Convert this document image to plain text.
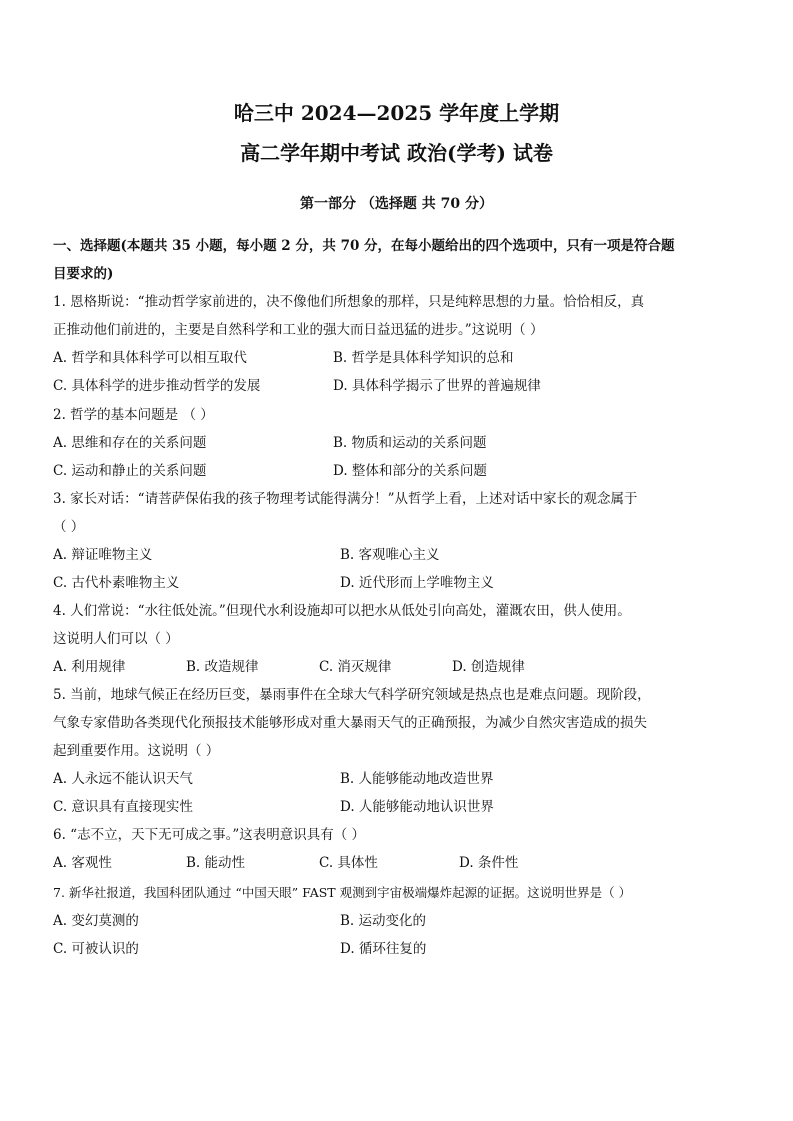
哈三中 2024—2025 学年度上学期
高二学年期中考试 政治(学考) 试卷
第一部分 （选择题 共 70 分）
一、选择题(本题共 35 小题，每小题 2 分，共 70 分，在每小题给出的四个选项中，只有一项是符合题
目要求的)
1. 恩格斯说：“推动哲学家前进的，决不像他们所想象的那样，只是纯粹思想的力量。恰恰相反，真
正推动他们前进的，主要是自然科学和工业的强大而日益迅猛的进步。”这说明（ ）
A. 哲学和具体科学可以相互取代	B. 哲学是具体科学知识的总和
C. 具体科学的进步推动哲学的发展	D. 具体科学揭示了世界的普遍规律
2. 哲学的基本问题是 （ ）
A. 思维和存在的关系问题	B. 物质和运动的关系问题
C. 运动和静止的关系问题	D. 整体和部分的关系问题
3. 家长对话：“请菩萨保佑我的孩子物理考试能得满分！”从哲学上看，上述对话中家长的观念属于
（ ）
A. 辩证唯物主义	B. 客观唯心主义
C. 古代朴素唯物主义	D. 近代形而上学唯物主义
4. 人们常说：“水往低处流。”但现代水利设施却可以把水从低处引向高处，灌溉农田，供人使用。
这说明人们可以（ ）
A. 利用规律	B. 改造规律	C. 消灭规律	D. 创造规律
5. 当前，地球气候正在经历巨变，暴雨事件在全球大气科学研究领域是热点也是难点问题。现阶段，
气象专家借助各类现代化预报技术能够形成对重大暴雨天气的正确预报，为减少自然灾害造成的损失
起到重要作用。这说明（ ）
A. 人永远不能认识天气	B. 人能够能动地改造世界
C. 意识具有直接现实性	D. 人能够能动地认识世界
6. “志不立，天下无可成之事。”这表明意识具有（ ）
A. 客观性	B. 能动性	C. 具体性	D. 条件性
7. 新华社报道，我国科团队通过 “中国天眼” FAST 观测到宇宙极端爆炸起源的证据。这说明世界是（ ）
A. 变幻莫测的	B. 运动变化的
C. 可被认识的	D. 循环往复的
